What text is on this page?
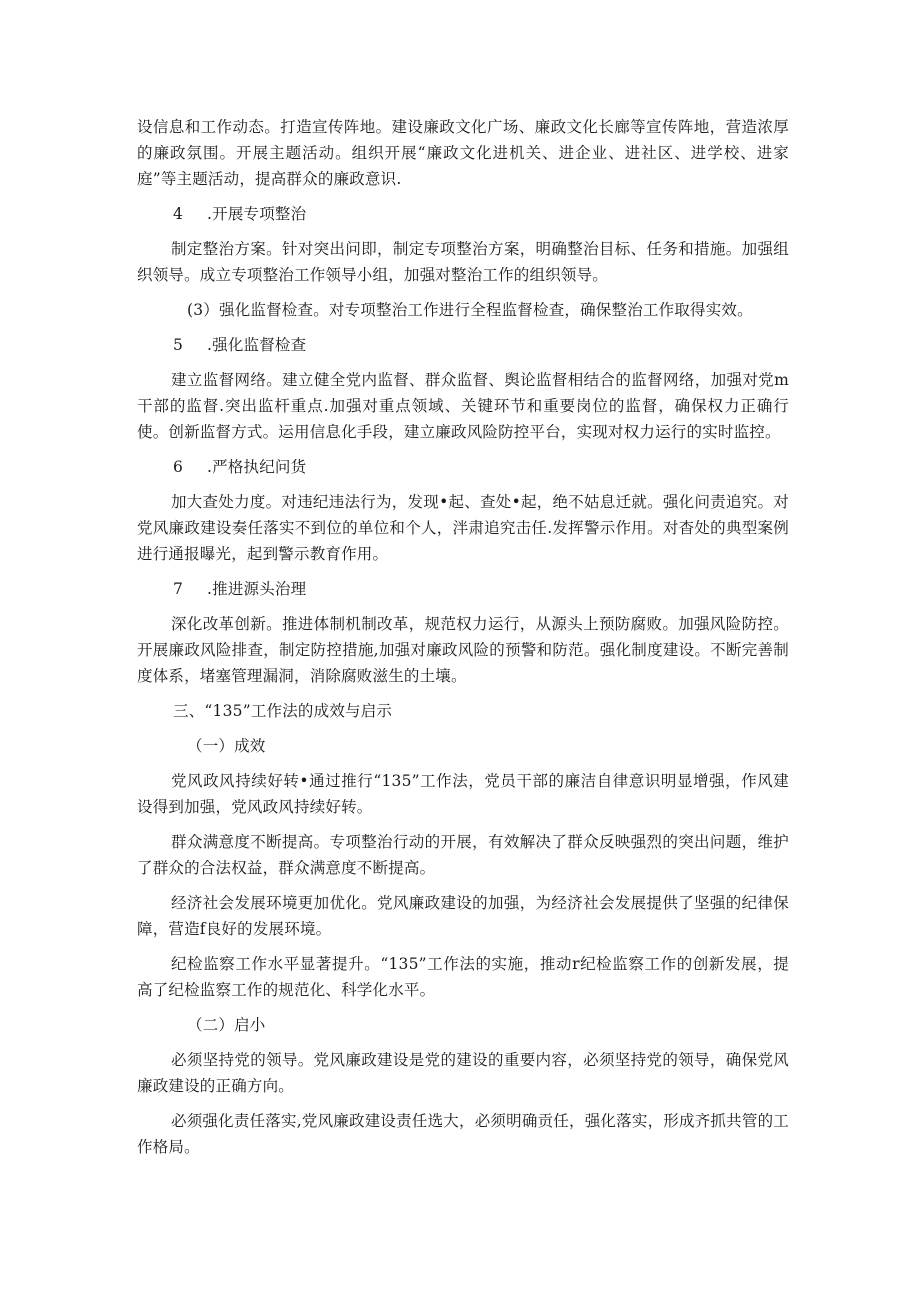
设信息和工作动态。打造宣传阵地。建设廉政文化广场、廉政文化长廊等宣传阵地，营造浓厚的廉政氛围。开展主题活动。组织开展“廉政文化进机关、进企业、进社区、进学校、进家庭”等主题活动，提高群众的廉政意识.

4 .开展专项整治

制定整治方案。针对突出问即，制定专项整治方案，明确整治目标、任务和措施。加强组织领导。成立专项整治工作领导小组，加强对整治工作的组织领导。

(3）强化监督检查。对专项整治工作进行全程监督检查，确保整治工作取得实效。
5 .强化监督检查

建立监督网络。建立健全党内监督、群众监督、舆论监督相结合的监督网络，加强对党m干部的监督.突出监杆重点.加强对重点领域、关键环节和重要岗位的监督，确保权力正确行使。创新监督方式。运用信息化手段，建立廉政风险防控平台，实现对权力运行的实时监控。

6 .严格执纪问货

加大查处力度。对违纪违法行为，发现•起、查处•起，绝不姑息迁就。强化问责追究。对党风廉政建设奏任落实不到位的单位和个人，泮肃追究击任.发挥警示作用。对杳处的典型案例进行通报曝光，起到警示教育作用。

7 .推进源头治理

深化改革创新。推进体制机制改革，规范权力运行，从源头上预防腐败。加强风险防控。开展廉政风险排查，制定防控措施,加强对廉政风险的预警和防范。强化制度建设。不断完善制度体系，堵塞管理漏洞，消除腐败滋生的土壤。

三、“135”工作法的成效与启示
（一）成效

党风政风持续好转•通过推行“135”工作法，党员干部的廉洁自律意识明显增强，作风建设得到加强，党风政风持续好转。

群众满意度不断提高。专项整治行动的开展，有效解决了群众反映强烈的突出问题，维护了群众的合法权益，群众满意度不断提高。

经济社会发展环境更加优化。党风廉政建设的加强，为经济社会发展提供了坚强的纪律保障，营造f良好的发展环境。

纪检监察工作水平显著提升。“135”工作法的实施，推动r纪检监察工作的创新发展，提高了纪检监察工作的规范化、科学化水平。

（二）启小

必须坚持党的领导。党风廉政建设是党的建设的重要内容，必须坚持党的领导，确保党风廉政建设的正确方向。

必须强化责任落实,党风廉政建设责任选大，必须明确贡任，强化落实，形成齐抓共管的工作格局。
